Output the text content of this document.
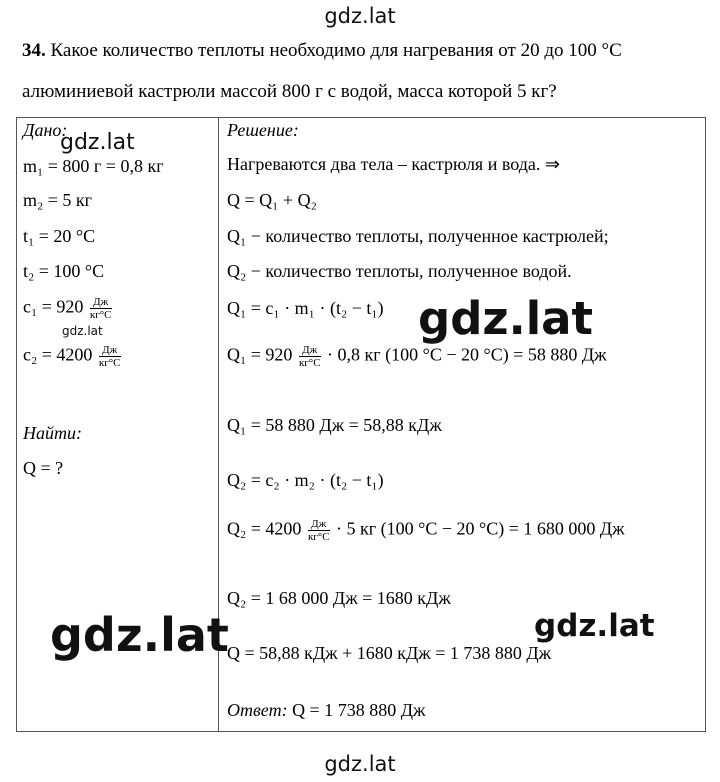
gdz.lat
34. Какое количество теплоты необходимо для нагревания от 20 до 100 °С
алюминиевой кастрюли массой 800 г с водой, масса которой 5 кг?
Дано:
m₁ = 800 г = 0,8 кг
m₂ = 5 кг
t₁ = 20 °С
t₂ = 100 °С
$c_1 = 920 \frac{Дж}{кг^\circ С}$
$c_2 = 4200 \frac{Дж}{кг^\circ С}$
Найти:
Q = ?
Решение:
Нагреваются два тела – кастрюля и вода. ⇒
Q = Q₁ + Q₂
Q₁ − количество теплоты, полученное кастрюлей;
Q₂ − количество теплоты, полученное водой.
Q₁ = c₁ · m₁ · (t₂ − t₁)
$Q_1 = 920 \frac{Дж}{кг^\circ С} \cdot 0,8$ кг (100 °С − 20 °С) = 58 880 Дж
Q₁ = 58 880 Дж = 58,88 кДж
Q₂ = c₂ · m₂ · (t₂ − t₁)
$Q_2 = 4200 \frac{Дж}{кг^\circ С} \cdot 5$ кг (100 °С − 20 °С) = 1 680 000 Дж
Q₂ = 1 68 000 Дж = 1680 кДж
Q = 58,88 кДж + 1680 кДж = 1 738 880 Дж
Ответ: Q = 1 738 880 Дж
gdz.lat
gdz.lat	gdz.lat
gdz.lat	gdz.lat
gdz.lat
